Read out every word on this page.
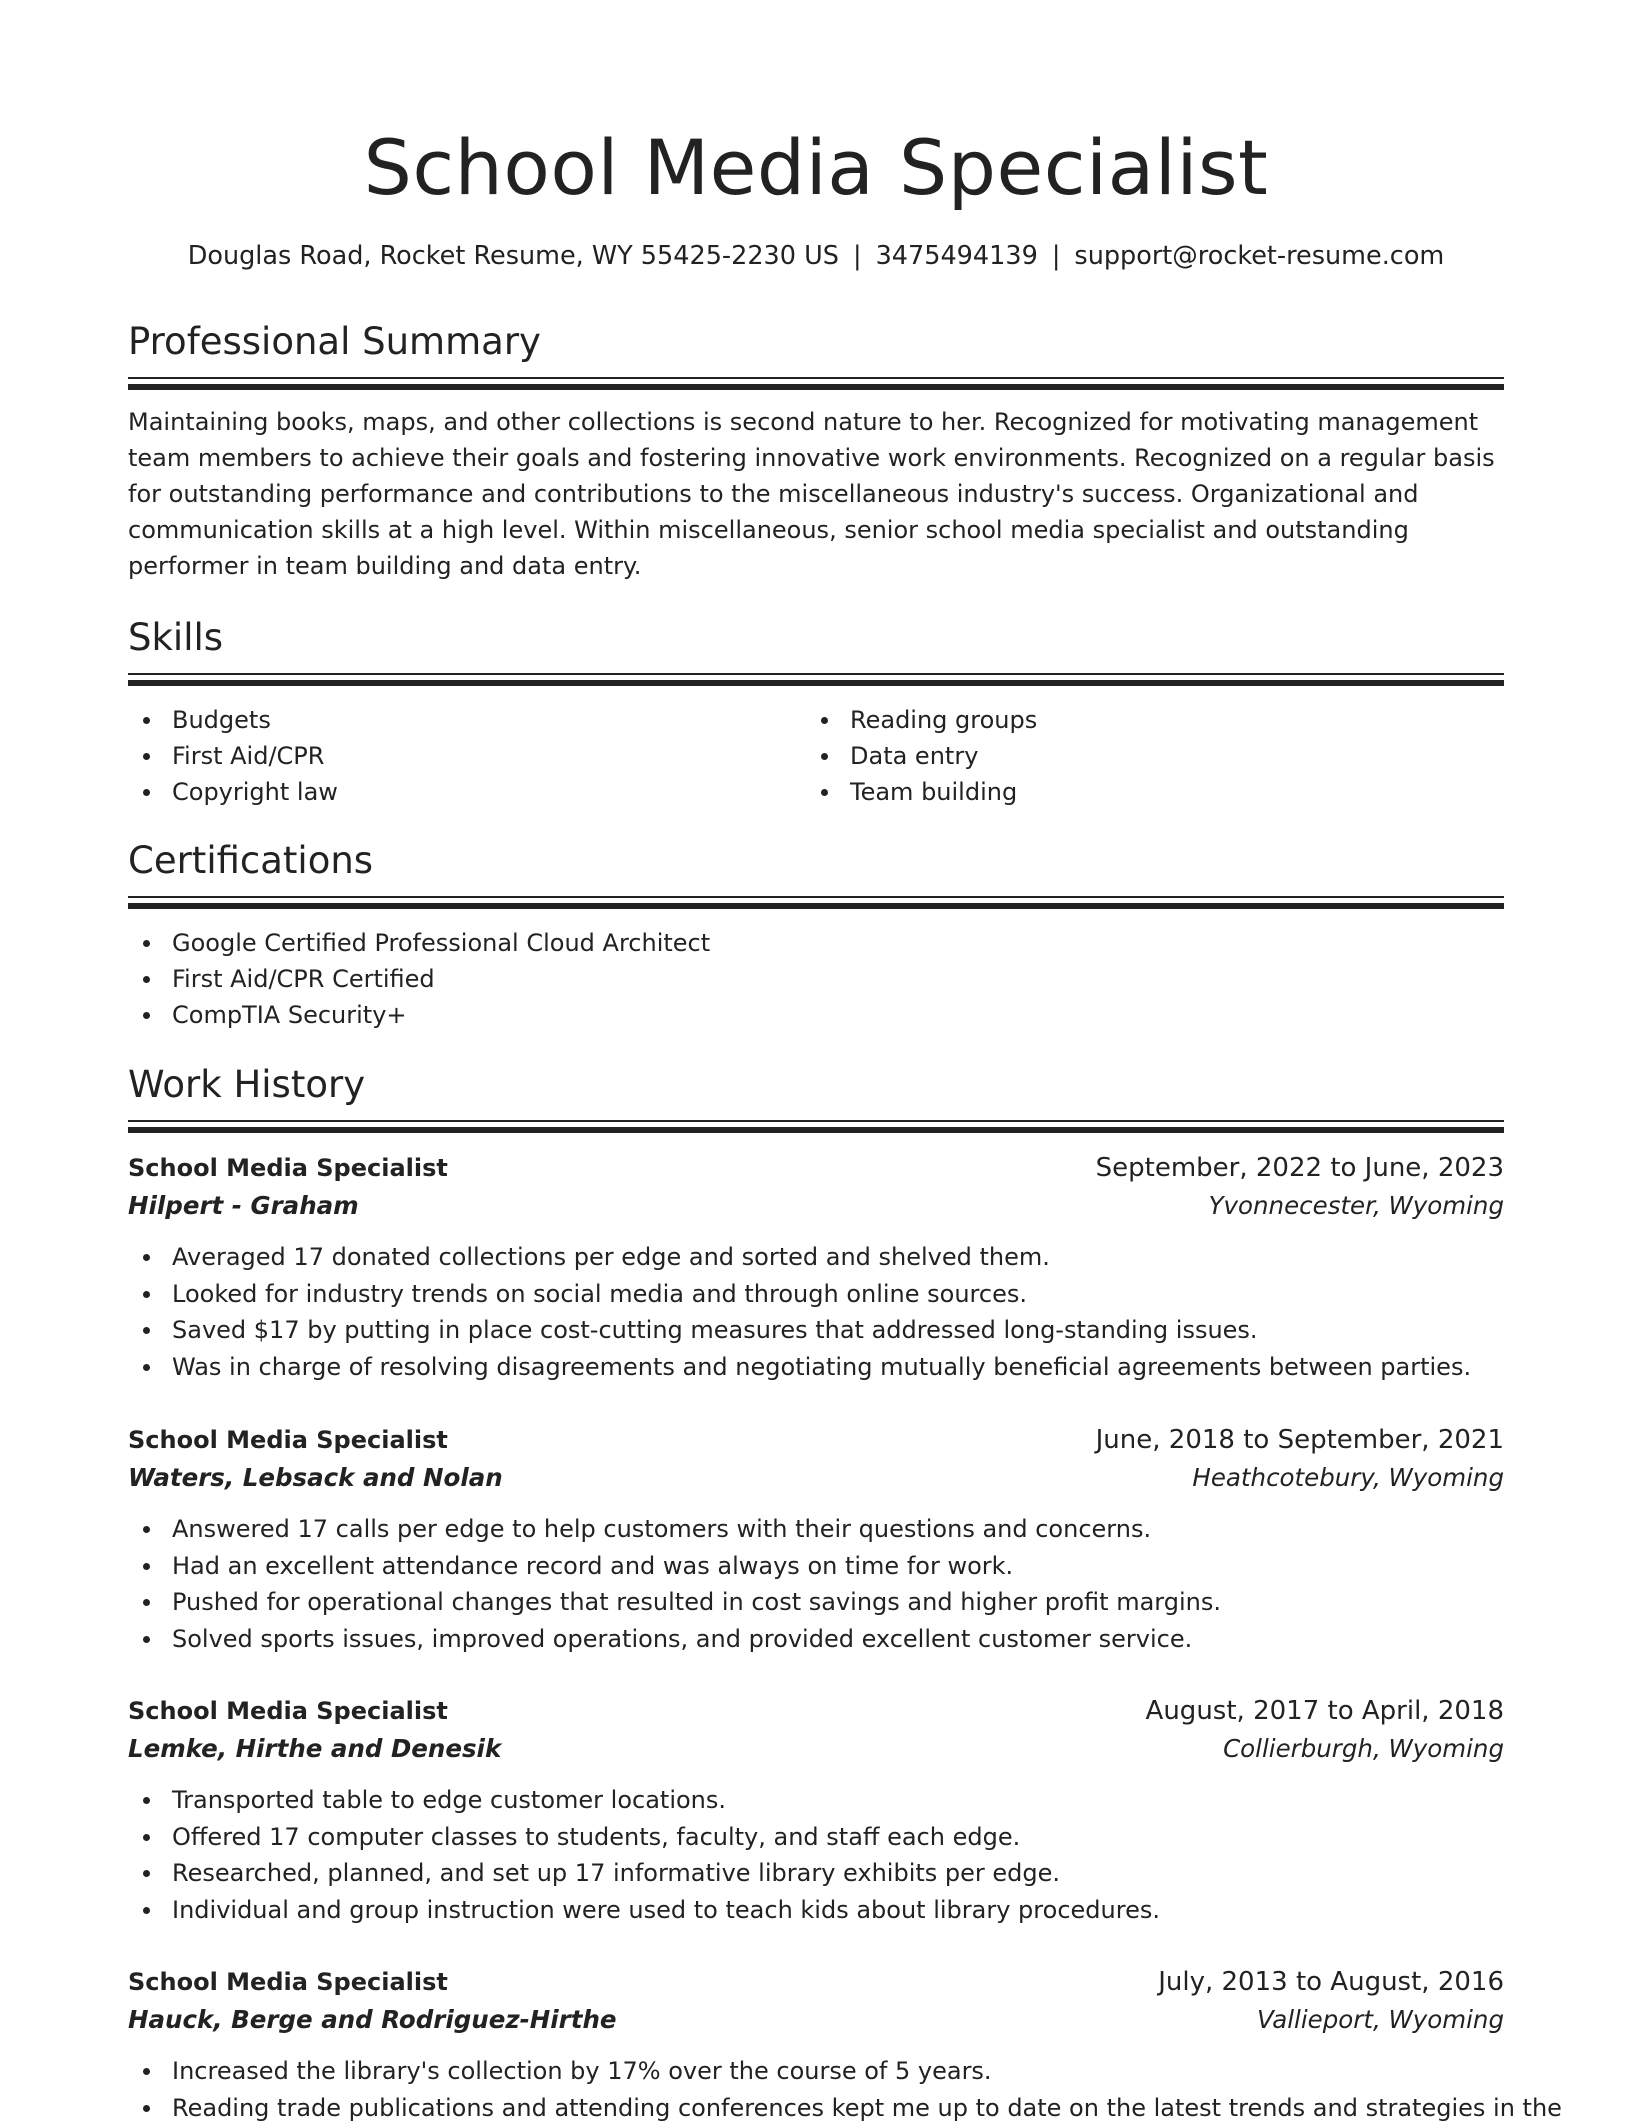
School Media Specialist
Douglas Road, Rocket Resume, WY 55425-2230 US | 3475494139 | support@rocket-resume.com
Professional Summary
Maintaining books, maps, and other collections is second nature to her. Recognized for motivating management team members to achieve their goals and fostering innovative work environments. Recognized on a regular basis for outstanding performance and contributions to the miscellaneous industry's success. Organizational and communication skills at a high level. Within miscellaneous, senior school media specialist and outstanding performer in team building and data entry.
Skills
Budgets
First Aid/CPR
Copyright law
Reading groups
Data entry
Team building
Certifications
Google Certified Professional Cloud Architect
First Aid/CPR Certified
CompTIA Security+
Work History
School Media Specialist	September, 2022 to June, 2023
Hilpert - Graham	Yvonnecester, Wyoming
Averaged 17 donated collections per edge and sorted and shelved them.
Looked for industry trends on social media and through online sources.
Saved $17 by putting in place cost-cutting measures that addressed long-standing issues.
Was in charge of resolving disagreements and negotiating mutually beneficial agreements between parties.
School Media Specialist	June, 2018 to September, 2021
Waters, Lebsack and Nolan	Heathcotebury, Wyoming
Answered 17 calls per edge to help customers with their questions and concerns.
Had an excellent attendance record and was always on time for work.
Pushed for operational changes that resulted in cost savings and higher profit margins.
Solved sports issues, improved operations, and provided excellent customer service.
School Media Specialist	August, 2017 to April, 2018
Lemke, Hirthe and Denesik	Collierburgh, Wyoming
Transported table to edge customer locations.
Offered 17 computer classes to students, faculty, and staff each edge.
Researched, planned, and set up 17 informative library exhibits per edge.
Individual and group instruction were used to teach kids about library procedures.
School Media Specialist	July, 2013 to August, 2016
Hauck, Berge and Rodriguez-Hirthe	Vallieport, Wyoming
Increased the library's collection by 17% over the course of 5 years.
Reading trade publications and attending conferences kept me up to date on the latest trends and strategies in the
